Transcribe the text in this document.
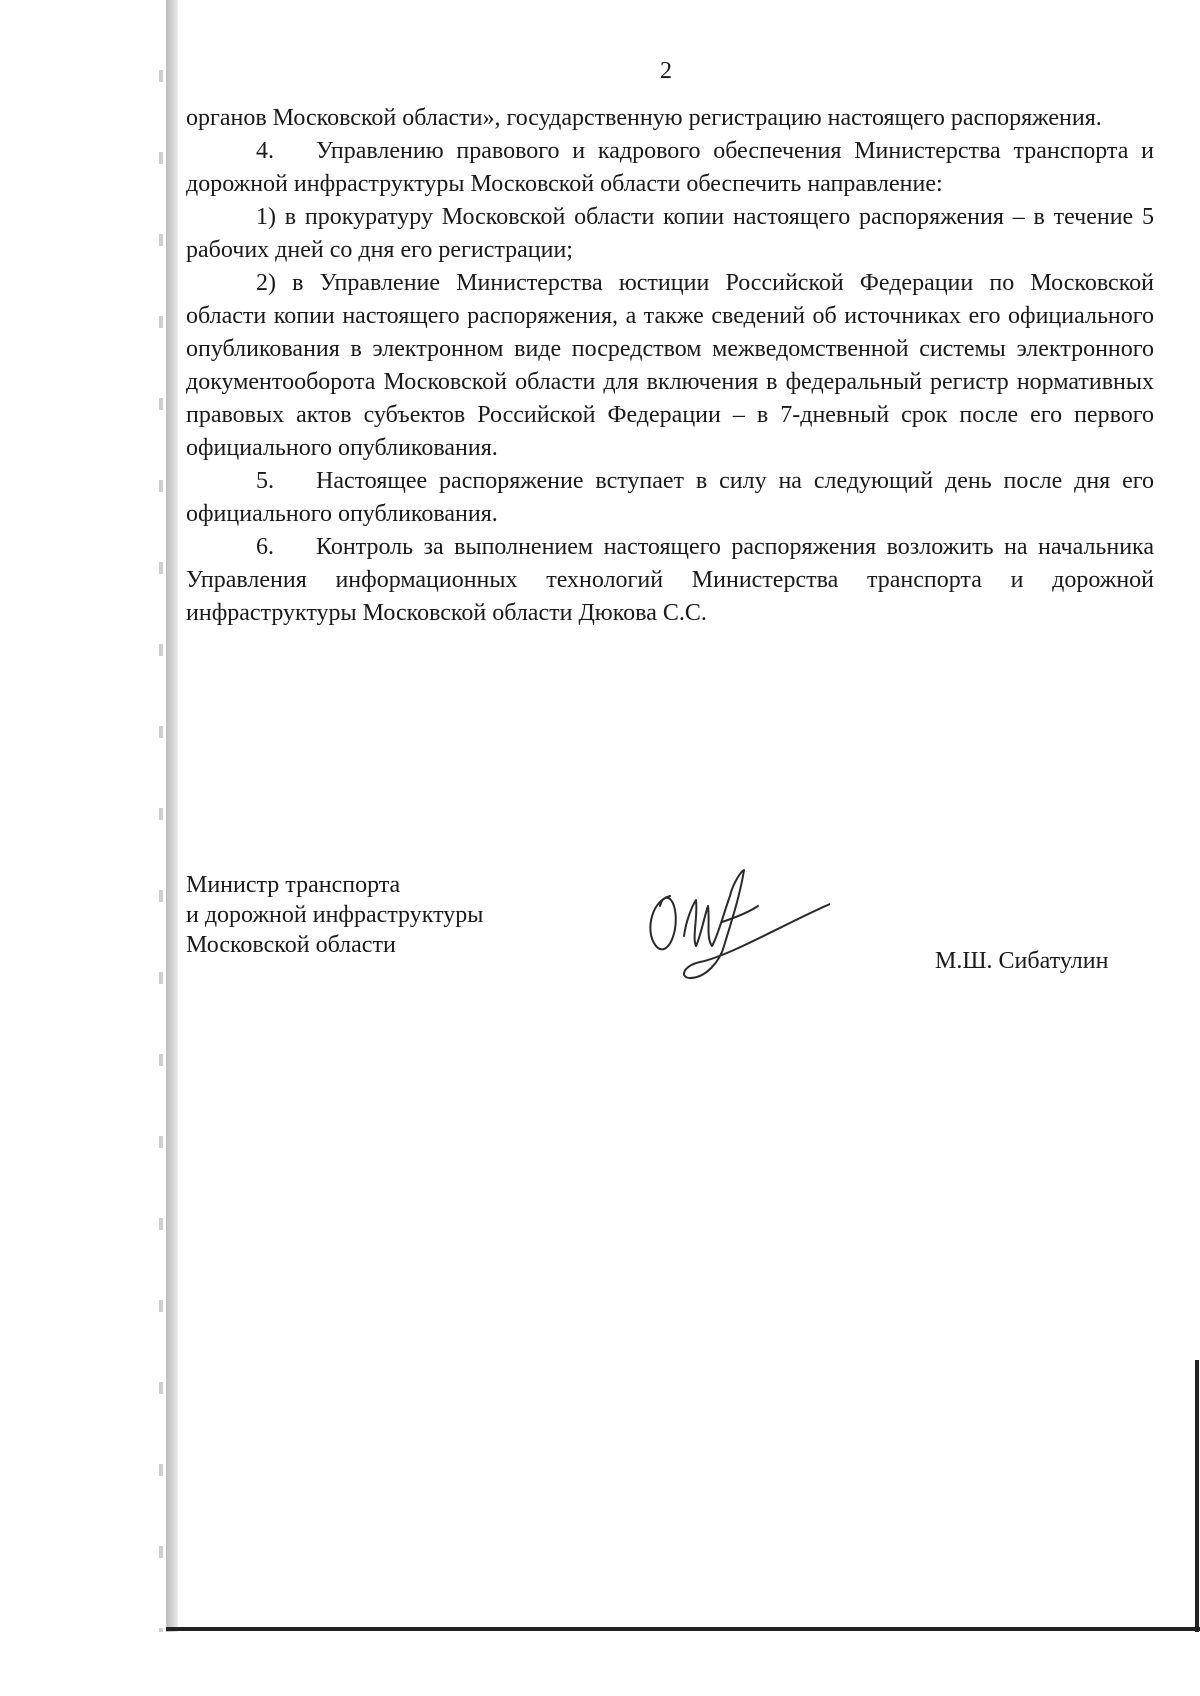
2

органов Московской области», государственную регистрацию настоящего распоряжения.

4. Управлению правового и кадрового обеспечения Министерства транспорта и дорожной инфраструктуры Московской области обеспечить направление:

1) в прокуратуру Московской области копии настоящего распоряжения – в течение 5 рабочих дней со дня его регистрации;

2) в Управление Министерства юстиции Российской Федерации по Московской области копии настоящего распоряжения, а также сведений об источниках его официального опубликования в электронном виде посредством межведомственной системы электронного документооборота Московской области для включения в федеральный регистр нормативных правовых актов субъектов Российской Федерации – в 7-дневный срок после его первого официального опубликования.

5. Настоящее распоряжение вступает в силу на следующий день после дня его официального опубликования.

6. Контроль за выполнением настоящего распоряжения возложить на начальника Управления информационных технологий Министерства транспорта и дорожной инфраструктуры Московской области Дюкова С.С.

Министр транспорта
и дорожной инфраструктуры
Московской области
М.Ш. Сибатулин
